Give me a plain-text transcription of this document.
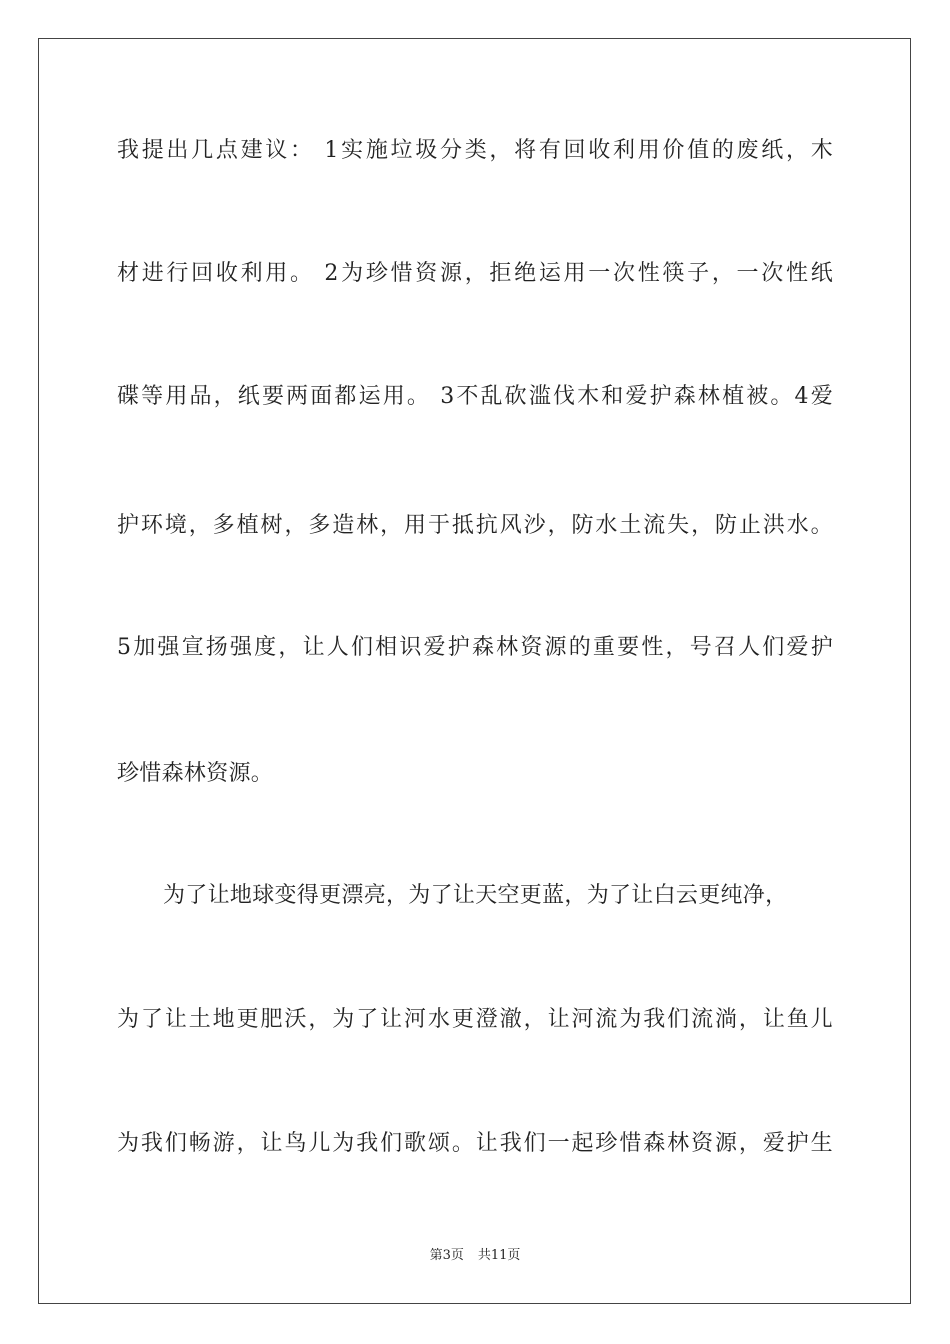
我提出几点建议： 1实施垃圾分类，将有回收利用价值的废纸，木
材进行回收利用。 2为珍惜资源，拒绝运用一次性筷子，一次性纸
碟等用品，纸要两面都运用。 3不乱砍滥伐木和爱护森林植被。4爱
护环境，多植树，多造林，用于抵抗风沙，防水土流失，防止洪水。
5加强宣扬强度，让人们相识爱护森林资源的重要性，号召人们爱护
珍惜森林资源。
为了让地球变得更漂亮，为了让天空更蓝，为了让白云更纯净，
为了让土地更肥沃，为了让河水更澄澈，让河流为我们流淌，让鱼儿
为我们畅游，让鸟儿为我们歌颂。让我们一起珍惜森林资源，爱护生
第3页 共11页
